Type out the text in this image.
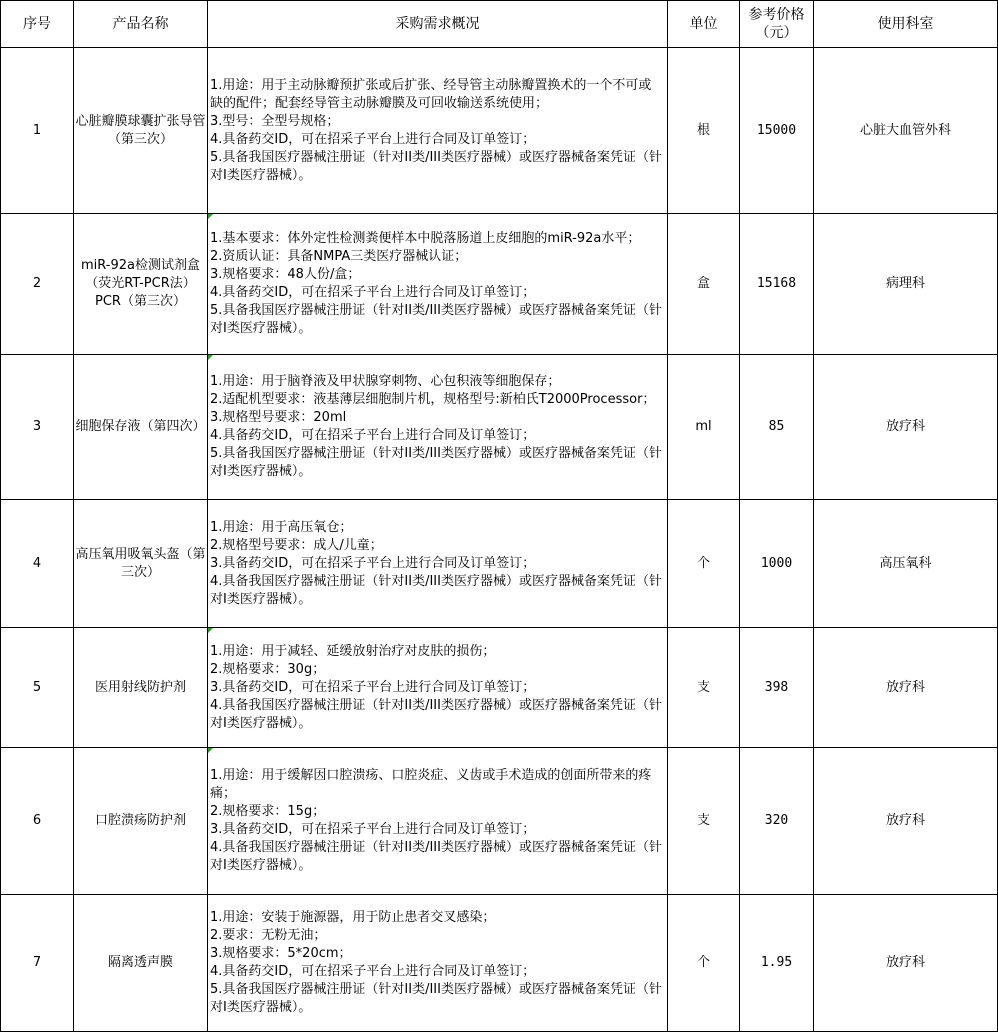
序号	产品名称	采购需求概况	单位	参考价格（元）	使用科室
1	心脏瓣膜球囊扩张导管（第三次）	1.用途：用于主动脉瓣预扩张或后扩张、经导管主动脉瓣置换术的一个不可或缺的配件；配套经导管主动脉瓣膜及可回收输送系统使用；
3.型号：全型号规格；
4.具备药交ID，可在招采子平台上进行合同及订单签订；
5.具备我国医疗器械注册证（针对II类/III类医疗器械）或医疗器械备案凭证（针对I类医疗器械）。	根	15000	心脏大血管外科
2	miR-92a检测试剂盒（荧光RT-PCR法）PCR（第三次）	1.基本要求：体外定性检测粪便样本中脱落肠道上皮细胞的miR-92a水平；
2.资质认证：具备NMPA三类医疗器械认证；
3.规格要求：48人份/盒；
4.具备药交ID，可在招采子平台上进行合同及订单签订；
5.具备我国医疗器械注册证（针对II类/III类医疗器械）或医疗器械备案凭证（针对I类医疗器械）。	盒	15168	病理科
3	细胞保存液（第四次）	1.用途：用于脑脊液及甲状腺穿刺物、心包积液等细胞保存；
2.适配机型要求：液基薄层细胞制片机，规格型号:新柏氏T2000Processor；
3.规格型号要求：20ml
4.具备药交ID，可在招采子平台上进行合同及订单签订；
5.具备我国医疗器械注册证（针对II类/III类医疗器械）或医疗器械备案凭证（针对I类医疗器械）。	ml	85	放疗科
4	高压氧用吸氧头盔（第三次）	1.用途：用于高压氧仓；
2.规格型号要求：成人/儿童；
3.具备药交ID，可在招采子平台上进行合同及订单签订；
4.具备我国医疗器械注册证（针对II类/III类医疗器械）或医疗器械备案凭证（针对I类医疗器械）。	个	1000	高压氧科
5	医用射线防护剂	1.用途：用于减轻、延缓放射治疗对皮肤的损伤；
2.规格要求：30g；
3.具备药交ID，可在招采子平台上进行合同及订单签订；
4.具备我国医疗器械注册证（针对II类/III类医疗器械）或医疗器械备案凭证（针对I类医疗器械）。	支	398	放疗科
6	口腔溃疡防护剂	1.用途：用于缓解因口腔溃疡、口腔炎症、义齿或手术造成的创面所带来的疼痛；
2.规格要求：15g；
3.具备药交ID，可在招采子平台上进行合同及订单签订；
4.具备我国医疗器械注册证（针对II类/III类医疗器械）或医疗器械备案凭证（针对I类医疗器械）。	支	320	放疗科
7	隔离透声膜	1.用途：安装于施源器，用于防止患者交叉感染；
2.要求：无粉无油；
3.规格要求：5*20cm；
4.具备药交ID，可在招采子平台上进行合同及订单签订；
5.具备我国医疗器械注册证（针对II类/III类医疗器械）或医疗器械备案凭证（针对I类医疗器械）。	个	1.95	放疗科
